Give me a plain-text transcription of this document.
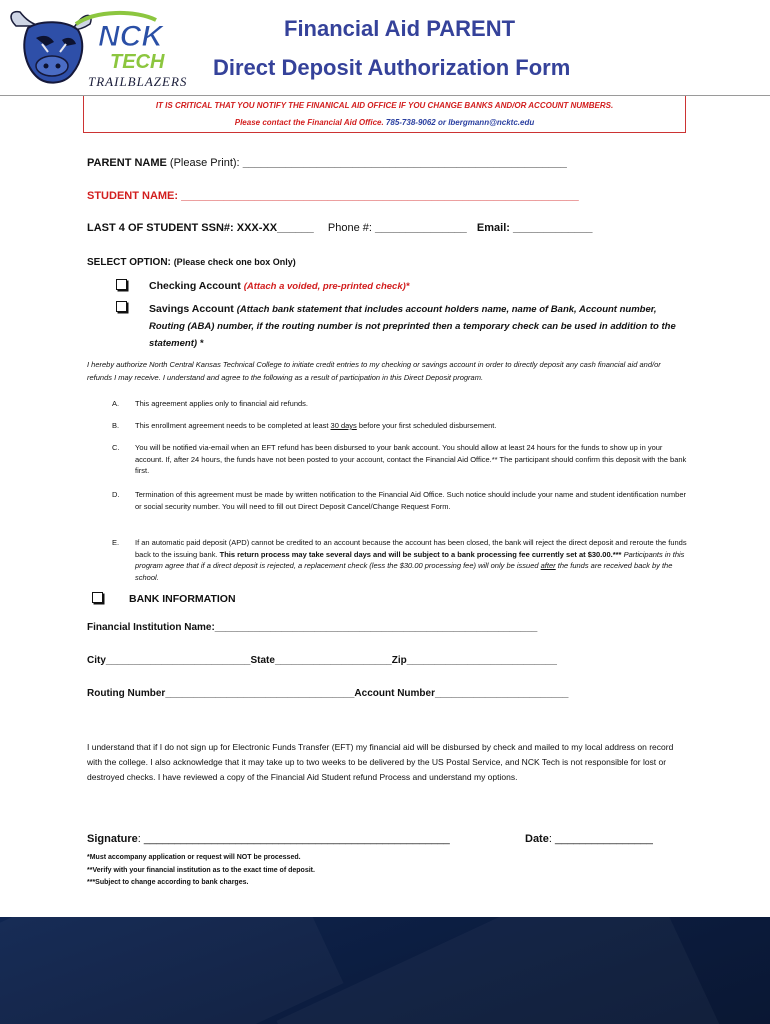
NCK
TECH
TRAILBLAZERS
Financial Aid PARENT
Direct Deposit Authorization Form
IT IS CRITICAL THAT YOU NOTIFY THE FINANICAL AID OFFICE IF YOU CHANGE BANKS AND/OR ACCOUNT NUMBERS.
Please contact the Financial Aid Office. 785-738-9062 or lbergmann@ncktc.edu
PARENT NAME (Please Print): _____________________________________________________
STUDENT NAME: _________________________________________________________________
LAST 4 OF STUDENT SSN#: XXX-XX______ Phone #: _______________ Email: _____________
SELECT OPTION: (Please check one box Only)
Checking Account (Attach a voided, pre-printed check)*
Savings Account (Attach bank statement that includes account holders name, name of Bank, Account number, Routing (ABA) number, if the routing number is not preprinted then a temporary check can be used in addition to the statement) *
I hereby authorize North Central Kansas Technical College to initiate credit entries to my checking or savings account in order to directly deposit any cash financial aid and/or refunds I may receive. I understand and agree to the following as a result of participation in this Direct Deposit program.
A. This agreement applies only to financial aid refunds.
B. This enrollment agreement needs to be completed at least 30 days before your first scheduled disbursement.
C. You will be notified via-email when an EFT refund has been disbursed to your bank account. You should allow at least 24 hours for the funds to show up in your account. If, after 24 hours, the funds have not been posted to your account, contact the Financial Aid Office.** The participant should confirm this deposit with the bank first.
D. Termination of this agreement must be made by written notification to the Financial Aid Office. Such notice should include your name and student identification number or social security number. You will need to fill out Direct Deposit Cancel/Change Request Form.
E. If an automatic paid deposit (APD) cannot be credited to an account because the account has been closed, the bank will reject the direct deposit and reroute the funds back to the issuing bank. This return process may take several days and will be subject to a bank processing fee currently set at $30.00.*** Participants in this program agree that if a direct deposit is rejected, a replacement check (less the $30.00 processing fee) will only be issued after the funds are received back by the school.
BANK INFORMATION
Financial Institution Name:__________________________________________________________
City__________________________State_____________________Zip___________________________
Routing Number__________________________________Account Number________________________
I understand that if I do not sign up for Electronic Funds Transfer (EFT) my financial aid will be disbursed by check and mailed to my local address on record with the college. I also acknowledge that it may take up to two weeks to be delivered by the US Postal Service, and NCK Tech is not responsible for lost or destroyed checks. I have reviewed a copy of the Financial Aid Student refund Process and understand my options.
Signature: __________________________________________________	Date: ________________
*Must accompany application or request will NOT be processed.
**Verify with your financial institution as to the exact time of deposit.
***Subject to change according to bank charges.
